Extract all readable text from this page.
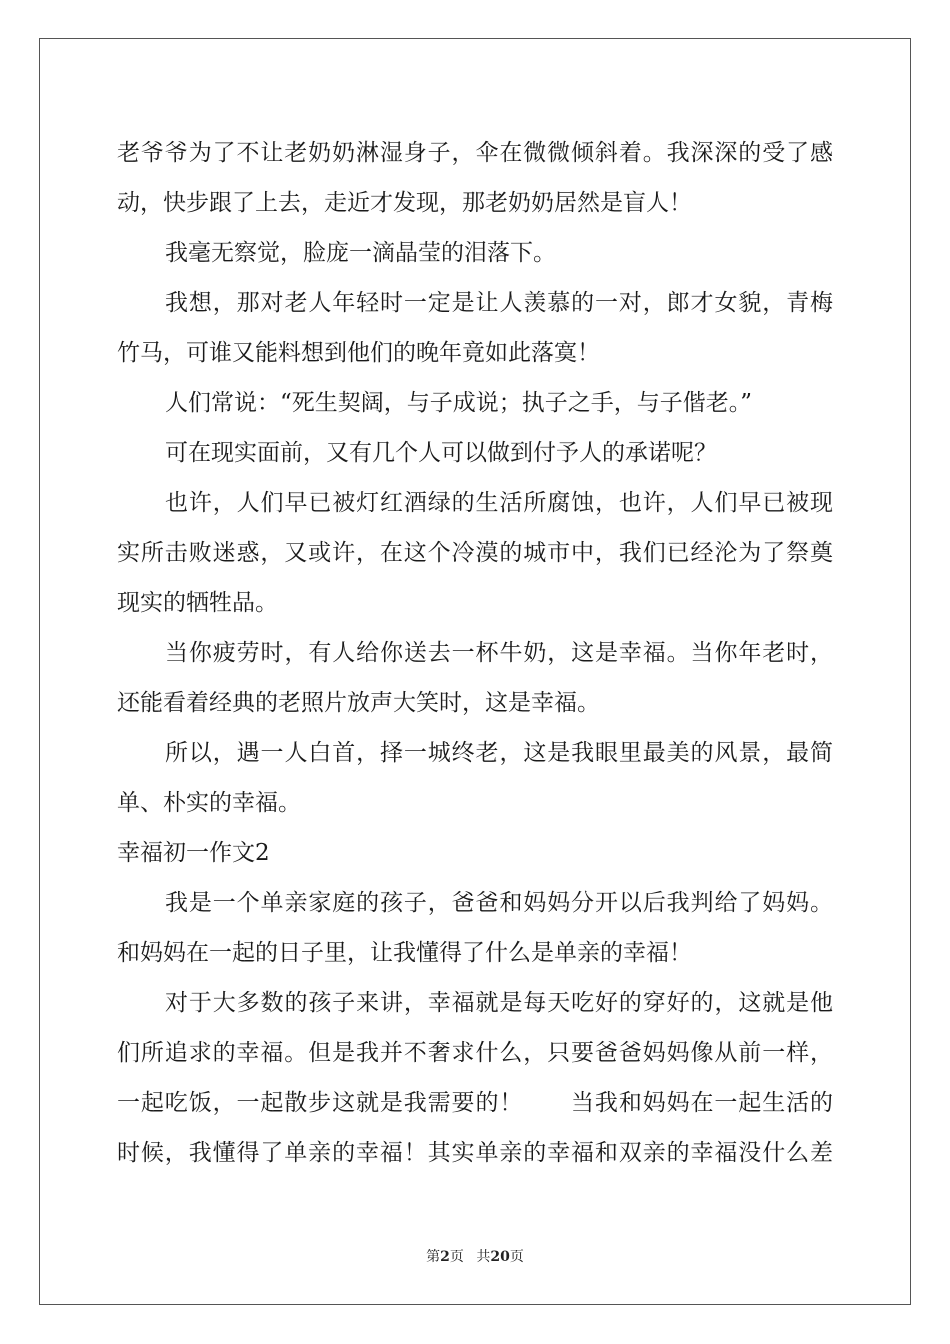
老爷爷为了不让老奶奶淋湿身子，伞在微微倾斜着。我深深的受了感
动，快步跟了上去，走近才发现，那老奶奶居然是盲人！
我毫无察觉，脸庞一滴晶莹的泪落下。
我想，那对老人年轻时一定是让人羡慕的一对，郎才女貌，青梅
竹马，可谁又能料想到他们的晚年竟如此落寞！
人们常说：“死生契阔，与子成说；执子之手，与子偕老。”
可在现实面前，又有几个人可以做到付予人的承诺呢？
也许，人们早已被灯红酒绿的生活所腐蚀，也许，人们早已被现
实所击败迷惑，又或许，在这个冷漠的城市中，我们已经沦为了祭奠
现实的牺牲品。
当你疲劳时，有人给你送去一杯牛奶，这是幸福。当你年老时，
还能看着经典的老照片放声大笑时，这是幸福。
所以，遇一人白首，择一城终老，这是我眼里最美的风景，最简
单、朴实的幸福。
幸福初一作文2
我是一个单亲家庭的孩子，爸爸和妈妈分开以后我判给了妈妈。
和妈妈在一起的日子里，让我懂得了什么是单亲的幸福！
对于大多数的孩子来讲，幸福就是每天吃好的穿好的，这就是他
们所追求的幸福。但是我并不奢求什么，只要爸爸妈妈像从前一样，
一起吃饭，一起散步这就是我需要的！　　当我和妈妈在一起生活的
时候，我懂得了单亲的幸福！其实单亲的幸福和双亲的幸福没什么差
第2页 共20页
